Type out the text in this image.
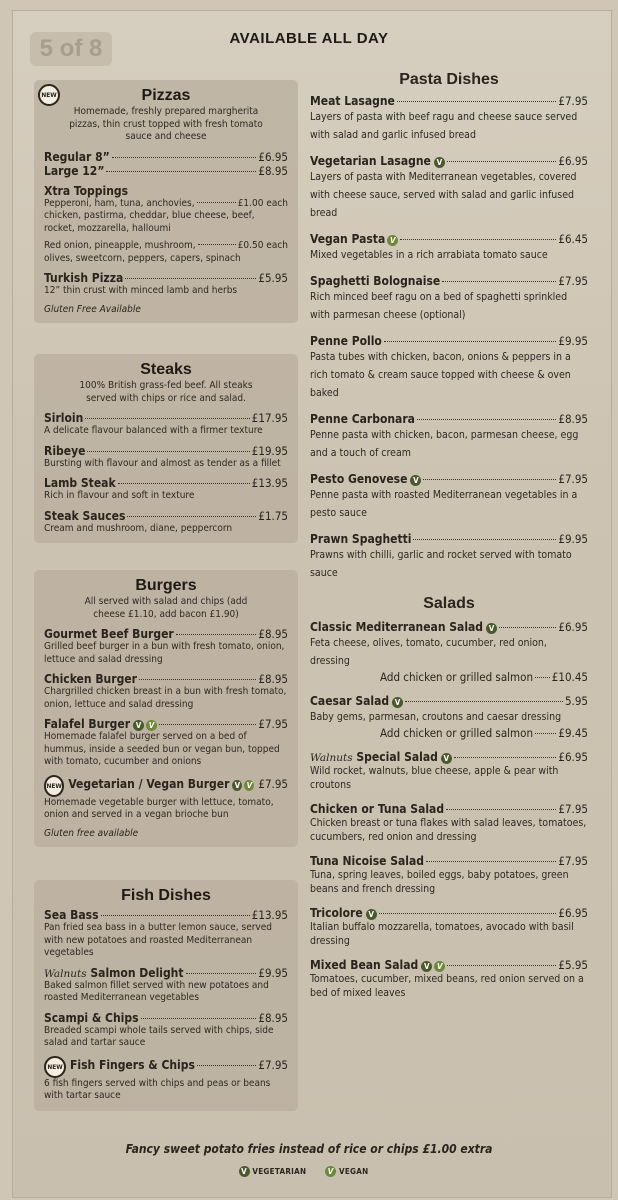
5 of 8	AVAILABLE ALL DAY
NEW	Pizzas
Homemade, freshly prepared margherita pizzas, thin crust topped with fresh tomato sauce and cheese
Regular 8”	£6.95
Large 12”	£8.95
Xtra Toppings
Pepperoni, ham, tuna, anchovies,	£1.00 each
chicken, pastirma, cheddar, blue cheese, beef, rocket, mozzarella, halloumi
Red onion, pineapple, mushroom,	£0.50 each
olives, sweetcorn, peppers, capers, spinach
Turkish Pizza	£5.95
12” thin crust with minced lamb and herbs
Gluten Free Available
Steaks
100% British grass-fed beef. All steaks served with chips or rice and salad.
Sirloin	£17.95
A delicate flavour balanced with a firmer texture
Ribeye	£19.95
Bursting with flavour and almost as tender as a fillet
Lamb Steak	£13.95
Rich in flavour and soft in texture
Steak Sauces	£1.75
Cream and mushroom, diane, peppercorn
Burgers
All served with salad and chips (add cheese £1.10, add bacon £1.90)
Gourmet Beef Burger	£8.95
Grilled beef burger in a bun with fresh tomato, onion, lettuce and salad dressing
Chicken Burger	£8.95
Chargrilled chicken breast in a bun with fresh tomato, onion, lettuce and salad dressing
Falafel Burger V V	£7.95
Homemade falafel burger served on a bed of hummus, inside a seeded bun or vegan bun, topped with tomato, cucumber and onions
NEW Vegetarian / Vegan Burger V V £7.95
Homemade vegetable burger with lettuce, tomato, onion and served in a vegan brioche bun
Gluten free available
Fish Dishes
Sea Bass	£13.95
Pan fried sea bass in a butter lemon sauce, served with new potatoes and roasted Mediterranean vegetables
Walnuts Salmon Delight	£9.95
Baked salmon fillet served with new potatoes and roasted Mediterranean vegetables
Scampi & Chips	£8.95
Breaded scampi whole tails served with chips, side salad and tartar sauce
NEW Fish Fingers & Chips	£7.95
6 fish fingers served with chips and peas or beans with tartar sauce
Pasta Dishes
Meat Lasagne	£7.95
Layers of pasta with beef ragu and cheese sauce served with salad and garlic infused bread
Vegetarian Lasagne V	£6.95
Layers of pasta with Mediterranean vegetables, covered with cheese sauce, served with salad and garlic infused bread
Vegan Pasta V	£6.45
Mixed vegetables in a rich arrabiata tomato sauce
Spaghetti Bolognaise	£7.95
Rich minced beef ragu on a bed of spaghetti sprinkled with parmesan cheese (optional)
Penne Pollo	£9.95
Pasta tubes with chicken, bacon, onions & peppers in a rich tomato & cream sauce topped with cheese & oven baked
Penne Carbonara	£8.95
Penne pasta with chicken, bacon, parmesan cheese, egg and a touch of cream
Pesto Genovese V	£7.95
Penne pasta with roasted Mediterranean vegetables in a pesto sauce
Prawn Spaghetti	£9.95
Prawns with chilli, garlic and rocket served with tomato sauce
Salads
Classic Mediterranean Salad V	£6.95
Feta cheese, olives, tomato, cucumber, red onion, dressing
Add chicken or grilled salmon £10.45
Caesar Salad V	5.95
Baby gems, parmesan, croutons and caesar dressing
Add chicken or grilled salmon £9.45
Walnuts Special Salad V	£6.95
Wild rocket, walnuts, blue cheese, apple & pear with croutons
Chicken or Tuna Salad	£7.95
Chicken breast or tuna flakes with salad leaves, tomatoes, cucumbers, red onion and dressing
Tuna Nicoise Salad	£7.95
Tuna, spring leaves, boiled eggs, baby potatoes, green beans and french dressing
Tricolore V	£6.95
Italian buffalo mozzarella, tomatoes, avocado with basil dressing
Mixed Bean Salad V V	£5.95
Tomatoes, cucumber, mixed beans, red onion served on a bed of mixed leaves
Fancy sweet potato fries instead of rice or chips £1.00 extra
V VEGETARIAN	V VEGAN
